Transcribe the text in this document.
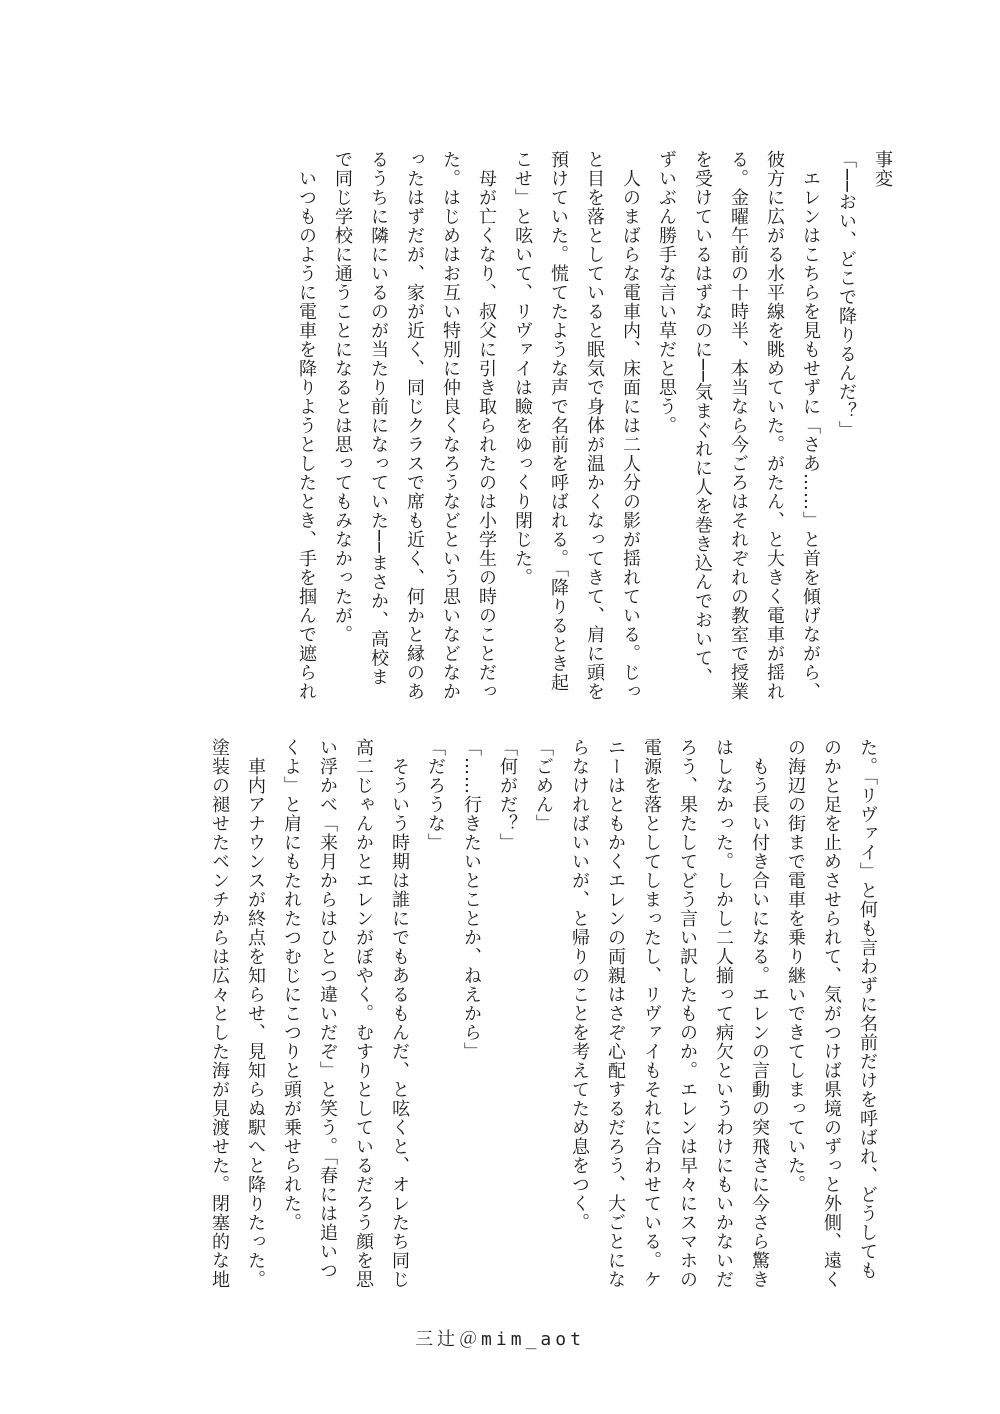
事変
「──おい、どこで降りるんだ？」
　エレンはこちらを見もせずに「さあ……」と首を傾げながら、
彼方に広がる水平線を眺めていた。がたん、と大きく電車が揺れ
る。金曜午前の十時半、本当なら今ごろはそれぞれの教室で授業
を受けているはずなのに──気まぐれに人を巻き込んでおいて、
ずいぶん勝手な言い草だと思う。
　人のまばらな電車内、床面には二人分の影が揺れている。じっ
と目を落としていると眠気で身体が温かくなってきて、肩に頭を
預けていた。慌てたような声で名前を呼ばれる。「降りるとき起
こせ」と呟いて、リヴァイは瞼をゆっくり閉じた。
　母が亡くなり、叔父に引き取られたのは小学生の時のことだっ
た。はじめはお互い特別に仲良くなろうなどという思いなどなか
ったはずだが、家が近く、同じクラスで席も近く、何かと縁のあ
るうちに隣にいるのが当たり前になっていた──まさか、高校ま
で同じ学校に通うことになるとは思ってもみなかったが。
　いつものように電車を降りようとしたとき、手を掴んで遮られ
た。「リヴァイ」と何も言わずに名前だけを呼ばれ、どうしても
のかと足を止めさせられて、気がつけば県境のずっと外側、遠く
の海辺の街まで電車を乗り継いできてしまっていた。
　もう長い付き合いになる。エレンの言動の突飛さに今さら驚き
はしなかった。しかし二人揃って病欠というわけにもいかないだ
ろう、果たしてどう言い訳したものか。エレンは早々にスマホの
電源を落としてしまったし、リヴァイもそれに合わせている。ケ
ニーはともかくエレンの両親はさぞ心配するだろう、大ごとにな
らなければいいが、と帰りのことを考えてため息をつく。
「ごめん」
「何がだ？」
「……行きたいとことか、ねえから」
「だろうな」
　そういう時期は誰にでもあるもんだ、と呟くと、オレたち同じ
高二じゃんかとエレンがぼやく。むすりとしているだろう顔を思
い浮かべ「来月からはひとつ違いだぞ」と笑う。「春には追いつ
くよ」と肩にもたれたつむじにこつりと頭が乗せられた。
　車内アナウンスが終点を知らせ、見知らぬ駅へと降りたった。
塗装の褪せたベンチからは広々とした海が見渡せた。閉塞的な地
三辻＠mim_aot
